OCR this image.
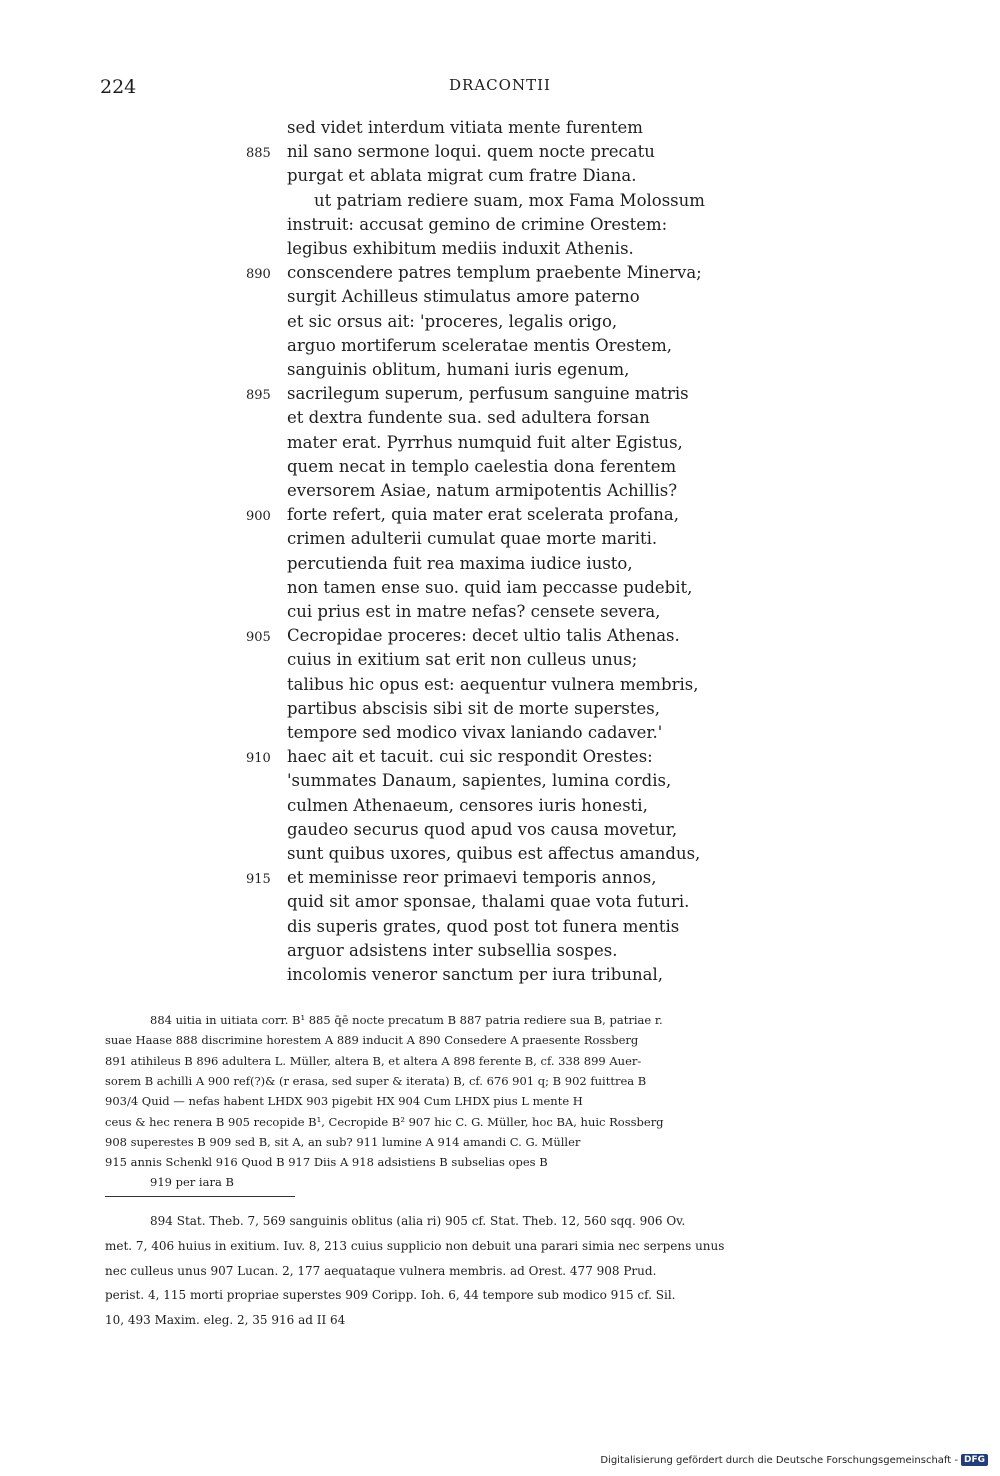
224	DRACONTII
sed videt interdum vitiata mente furentem
nil sano sermone loqui. quem nocte precatu
purgat et ablata migrat cum fratre Diana.
ut patriam rediere suam, mox Fama Molossum
instruit: accusat gemino de crimine Orestem:
legibus exhibitum mediis induxit Athenis.
conscendere patres templum praebente Minerva;
surgit Achilleus stimulatus amore paterno
et sic orsus ait: 'proceres, legalis origo,
arguo mortiferum sceleratae mentis Orestem,
sanguinis oblitum, humani iuris egenum,
sacrilegum superum, perfusum sanguine matris
et dextra fundente sua. sed adultera forsan
mater erat. Pyrrhus numquid fuit alter Egistus,
quem necat in templo caelestia dona ferentem
eversorem Asiae, natum armipotentis Achillis?
forte refert, quia mater erat scelerata profana,
crimen adulterii cumulat quae morte mariti.
percutienda fuit rea maxima iudice iusto,
non tamen ense suo. quid iam peccasse pudebit,
cui prius est in matre nefas? censete severa,
Cecropidae proceres: decet ultio talis Athenas.
cuius in exitium sat erit non culleus unus;
talibus hic opus est: aequentur vulnera membris,
partibus abscisis sibi sit de morte superstes,
tempore sed modico vivax laniando cadaver.'
haec ait et tacuit. cui sic respondit Orestes:
'summates Danaum, sapientes, lumina cordis,
culmen Athenaeum, censores iuris honesti,
gaudeo securus quod apud vos causa movetur,
sunt quibus uxores, quibus est affectus amandus,
et meminisse reor primaevi temporis annos,
quid sit amor sponsae, thalami quae vota futuri.
dis superis grates, quod post tot funera mentis
arguor adsistens inter subsellia sospes.
incolomis veneror sanctum per iura tribunal,
885
890
895
900
905
910
915
884 uitia in uitiata corr. B¹ 885 q̄ē nocte precatum B 887 patria rediere sua B, patriae r.
suae Haase 888 discrimine horestem A 889 inducit A 890 Consedere A praesente Rossberg
891 atihileus B 896 adultera L. Müller, altera B, et altera A 898 ferente B, cf. 338 899 Auer-
sorem B achilli A 900 ref(?)& (r erasa, sed super & iterata) B, cf. 676 901 q; B 902 fuittrea B
903/4 Quid — nefas habent LHDX 903 pigebit HX 904 Cum LHDX pius L mente H
ceus & hec renera B 905 recopide B¹, Cecropide B² 907 hic C. G. Müller, hoc BA, huic Rossberg
908 superestes B 909 sed B, sit A, an sub? 911 lumine A 914 amandi C. G. Müller
915 annis Schenkl 916 Quod B 917 Diis A 918 adsistiens B subselias opes B
919 per iara B
894 Stat. Theb. 7, 569 sanguinis oblitus (alia ri) 905 cf. Stat. Theb. 12, 560 sqq. 906 Ov.
met. 7, 406 huius in exitium. Iuv. 8, 213 cuius supplicio non debuit una parari simia nec serpens unus
nec culleus unus 907 Lucan. 2, 177 aequataque vulnera membris. ad Orest. 477 908 Prud.
perist. 4, 115 morti propriae superstes 909 Coripp. Ioh. 6, 44 tempore sub modico 915 cf. Sil.
10, 493 Maxim. eleg. 2, 35 916 ad II 64
Digitalisierung gefördert durch die Deutsche Forschungsgemeinschaft - DFG
